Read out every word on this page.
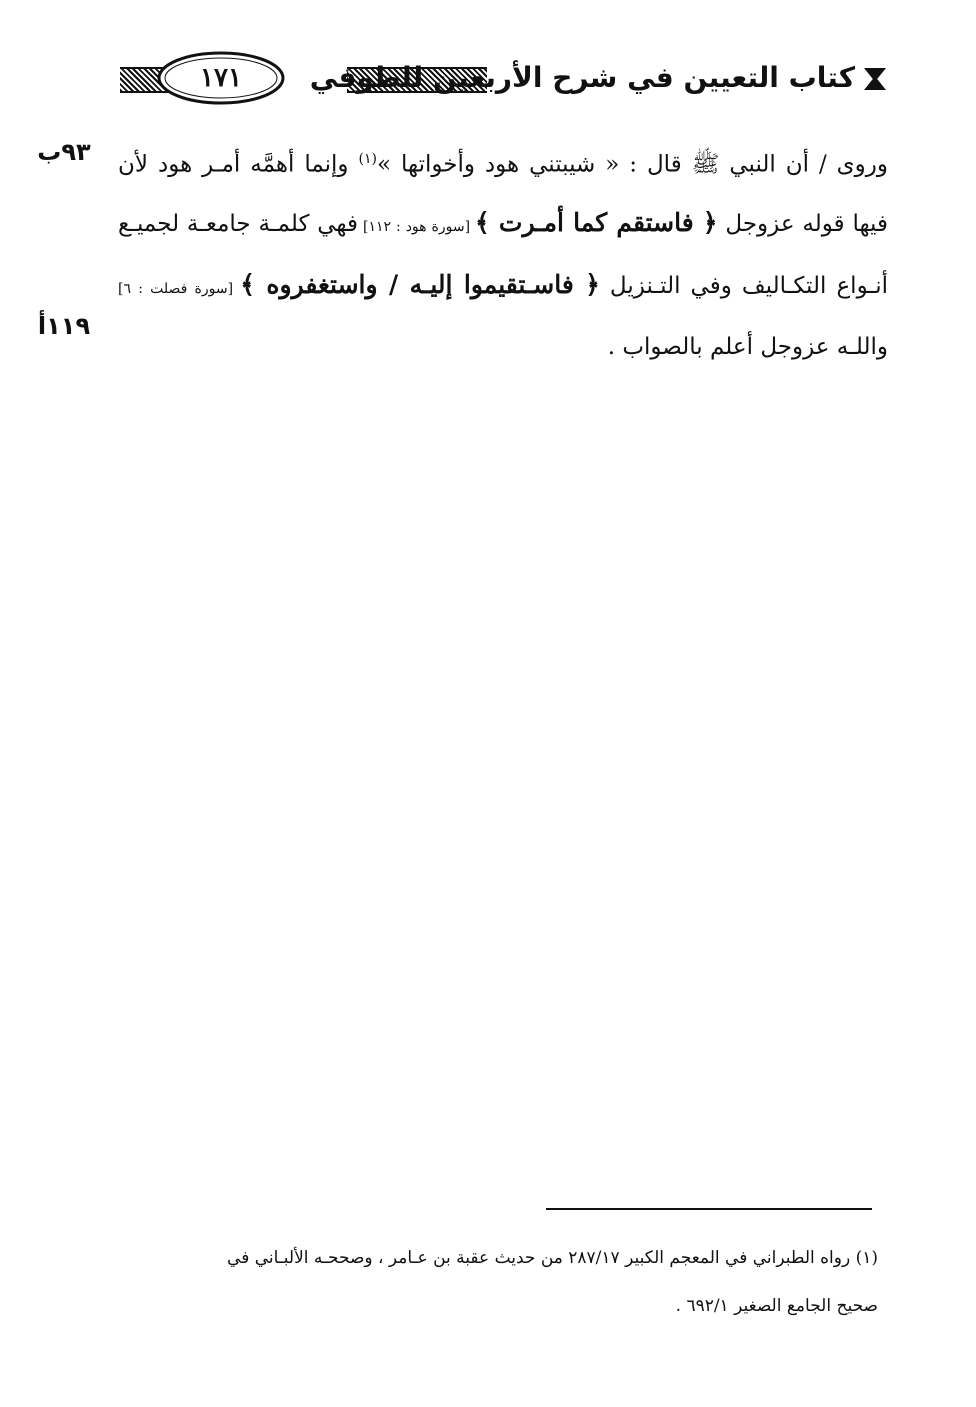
١٧١	كتاب التعيين في شرح الأربعين للطوفي
٩٣ب
١١٩أ

وروى / أن النبي ﷺ قال : « شيبتني هود وأخواتها »$^{(١)}$ وإنما أهمَّه أمـر هود لأن فيها قوله عزوجل ﴿ فاستقم كما أمـرت ﴾ [سورة هود : ١١٢] فهي كلمـة جامعـة لجميـع أنـواع التكـاليف وفي التـنزيل ﴿ فاسـتقيموا إليـه / واستغفروه ﴾ [سورة فصلت : ٦] واللـه عزوجل أعلم بالصواب .

(١) رواه الطبراني في المعجم الكبير ٢٨٧/١٧ من حديث عقبة بن عـامر ، وصححـه الألبـاني في

صحيح الجامع الصغير ٦٩٢/١ .
